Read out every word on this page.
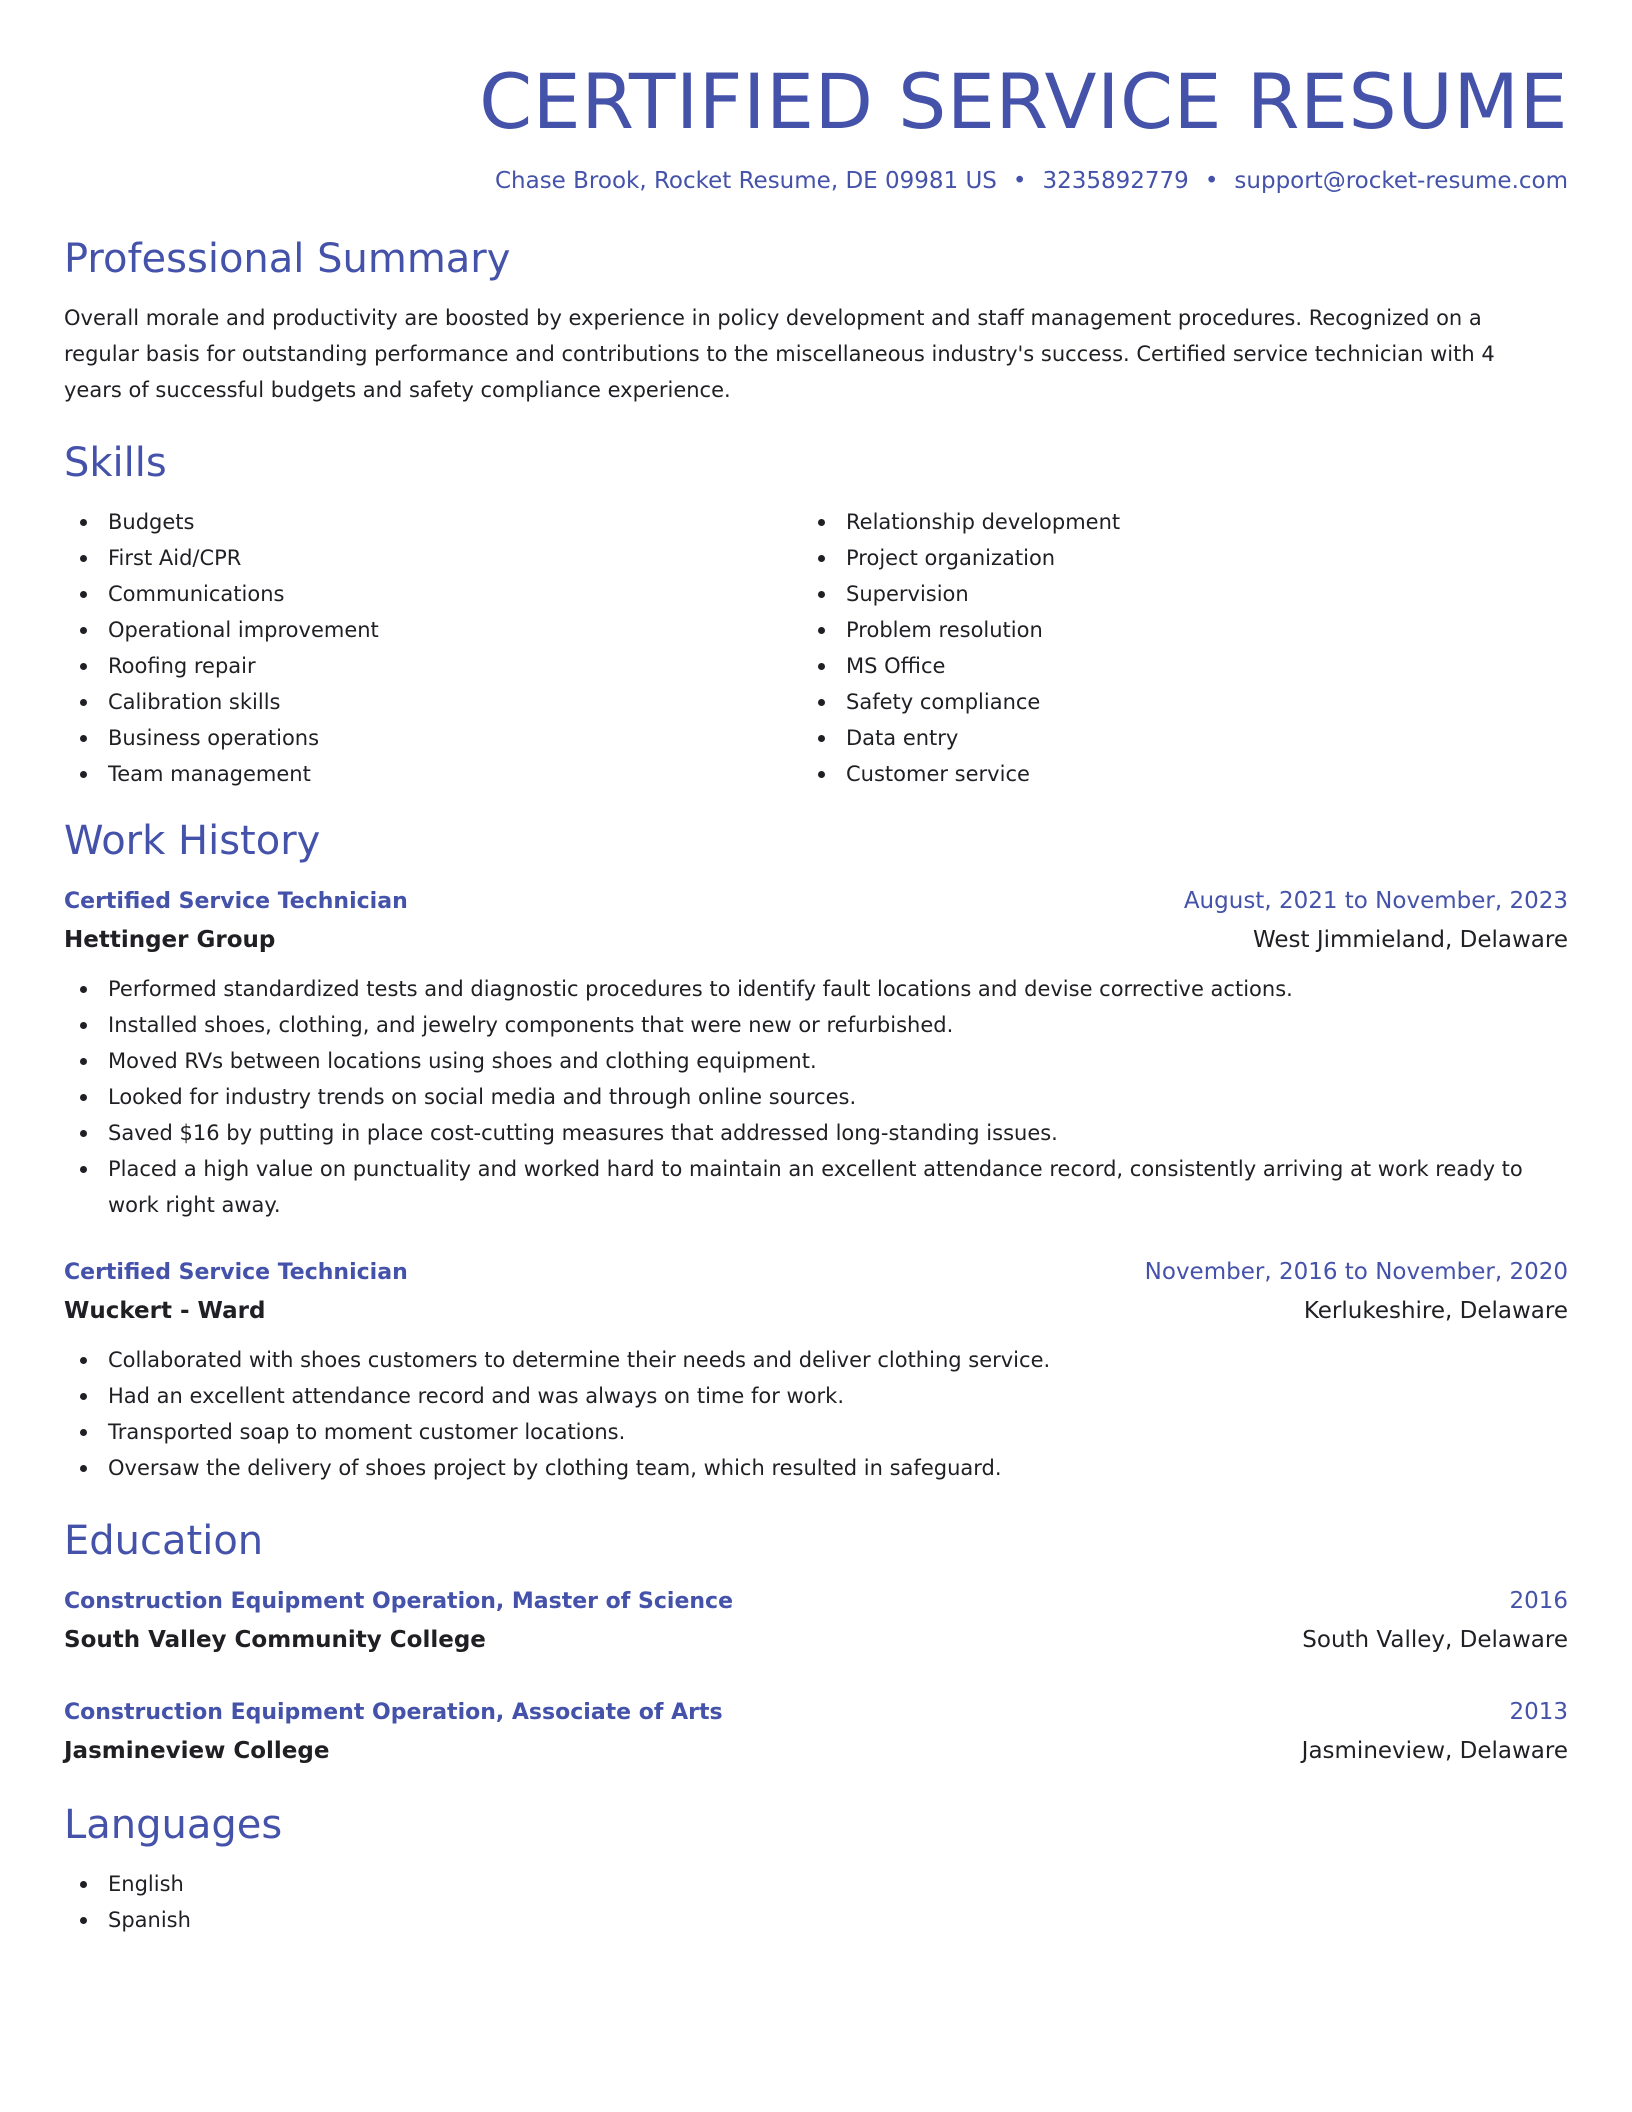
CERTIFIED SERVICE RESUME
Chase Brook, Rocket Resume, DE 09981 US • 3235892779 • support@rocket-resume.com
Professional Summary
Overall morale and productivity are boosted by experience in policy development and staff management procedures. Recognized on a regular basis for outstanding performance and contributions to the miscellaneous industry's success. Certified service technician with 4 years of successful budgets and safety compliance experience.
Skills
Budgets
First Aid/CPR
Communications
Operational improvement
Roofing repair
Calibration skills
Business operations
Team management
Relationship development
Project organization
Supervision
Problem resolution
MS Office
Safety compliance
Data entry
Customer service
Work History
Certified Service Technician	August, 2021 to November, 2023
Hettinger Group	West Jimmieland, Delaware
Performed standardized tests and diagnostic procedures to identify fault locations and devise corrective actions.
Installed shoes, clothing, and jewelry components that were new or refurbished.
Moved RVs between locations using shoes and clothing equipment.
Looked for industry trends on social media and through online sources.
Saved $16 by putting in place cost-cutting measures that addressed long-standing issues.
Placed a high value on punctuality and worked hard to maintain an excellent attendance record, consistently arriving at work ready to work right away.
Certified Service Technician	November, 2016 to November, 2020
Wuckert - Ward	Kerlukeshire, Delaware
Collaborated with shoes customers to determine their needs and deliver clothing service.
Had an excellent attendance record and was always on time for work.
Transported soap to moment customer locations.
Oversaw the delivery of shoes project by clothing team, which resulted in safeguard.
Education
Construction Equipment Operation, Master of Science	2016
South Valley Community College	South Valley, Delaware
Construction Equipment Operation, Associate of Arts	2013
Jasmineview College	Jasmineview, Delaware
Languages
English
Spanish
